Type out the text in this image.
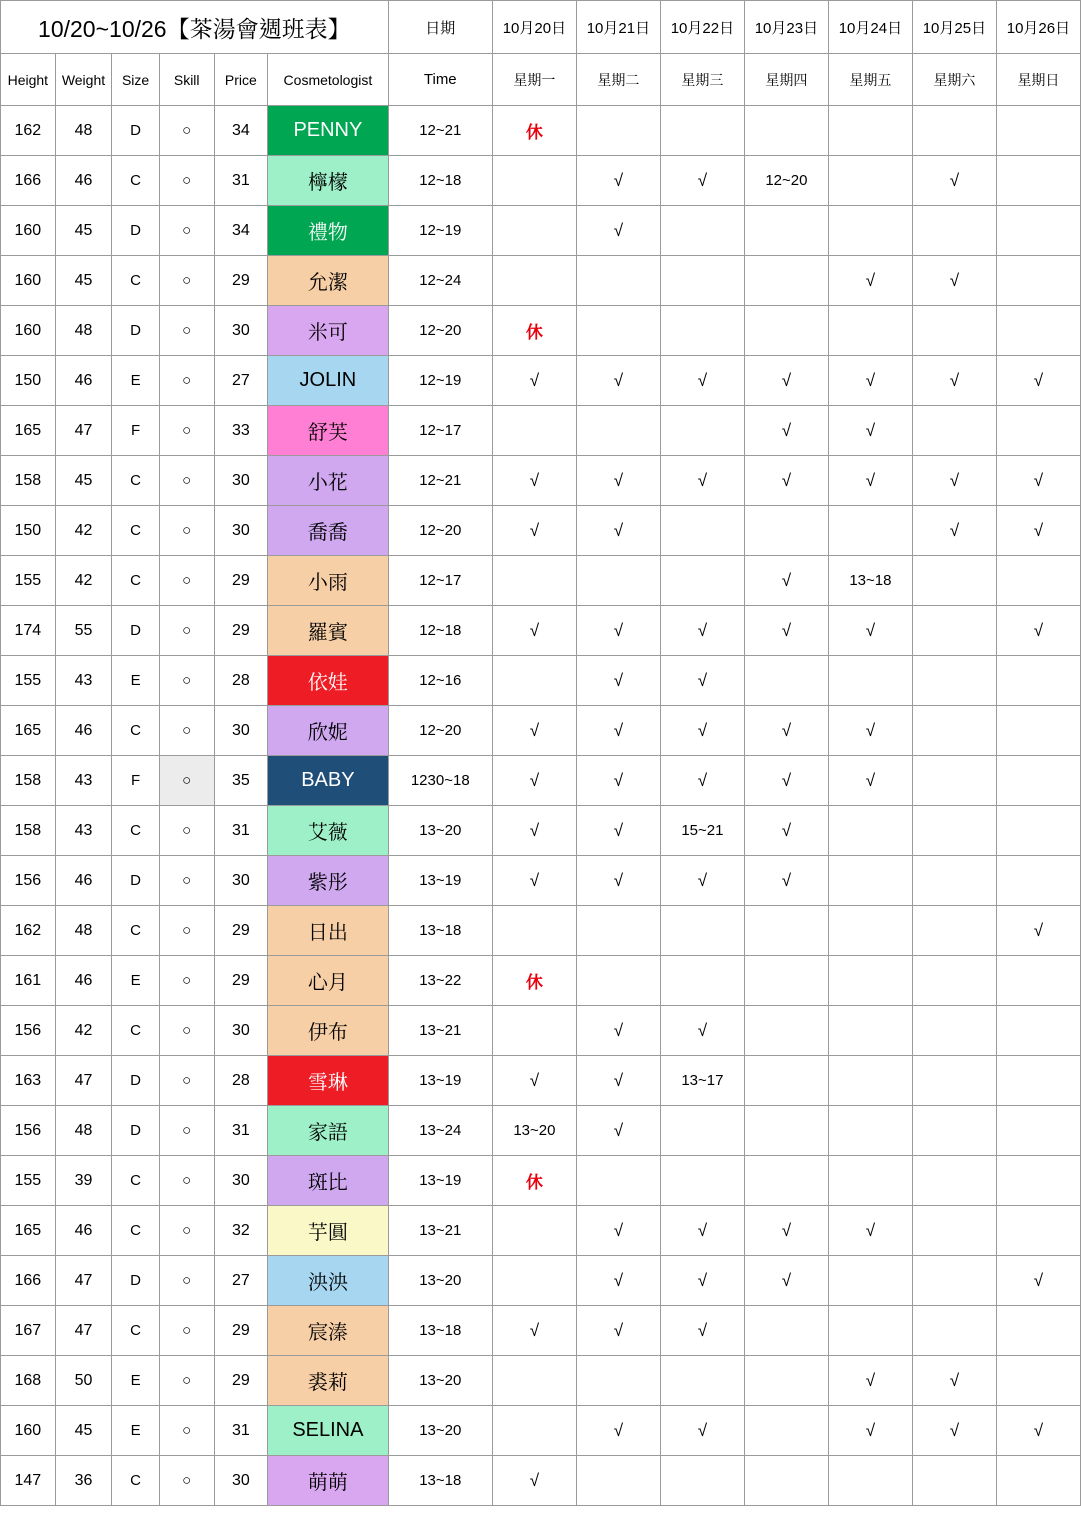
10/20~10/26【茶湯會週班表】						日期	10月20日	10月21日	10月22日	10月23日	10月24日	10月25日	10月26日
Height	Weight	Size	Skill	Price	Cosmetologist	Time	星期一	星期二	星期三	星期四	星期五	星期六	星期日
162	48	D	○	34	PENNY	12~21	休						
166	46	C	○	31	檸檬	12~18		√	√	12~20		√	
160	45	D	○	34	禮物	12~19		√					
160	45	C	○	29	允潔	12~24					√	√	
160	48	D	○	30	米可	12~20	休						
150	46	E	○	27	JOLIN	12~19	√	√	√	√	√	√	√
165	47	F	○	33	舒芙	12~17				√	√		
158	45	C	○	30	小花	12~21	√	√	√	√	√	√	√
150	42	C	○	30	喬喬	12~20	√	√				√	√
155	42	C	○	29	小雨	12~17				√	13~18		
174	55	D	○	29	羅賓	12~18	√	√	√	√	√		√
155	43	E	○	28	依娃	12~16		√	√				
165	46	C	○	30	欣妮	12~20	√	√	√	√	√		
158	43	F	○	35	BABY	1230~18	√	√	√	√	√		
158	43	C	○	31	艾薇	13~20	√	√	15~21	√			
156	46	D	○	30	紫彤	13~19	√	√	√	√			
162	48	C	○	29	日出	13~18							√
161	46	E	○	29	心月	13~22	休						
156	42	C	○	30	伊布	13~21		√	√				
163	47	D	○	28	雪琳	13~19	√	√	13~17				
156	48	D	○	31	家語	13~24	13~20	√					
155	39	C	○	30	斑比	13~19	休						
165	46	C	○	32	芋圓	13~21		√	√	√	√		
166	47	D	○	27	泱泱	13~20		√	√	√			√
167	47	C	○	29	宸溱	13~18	√	√	√				
168	50	E	○	29	裘莉	13~20					√	√	
160	45	E	○	31	SELINA	13~20		√	√		√	√	√
147	36	C	○	30	萌萌	13~18	√						
